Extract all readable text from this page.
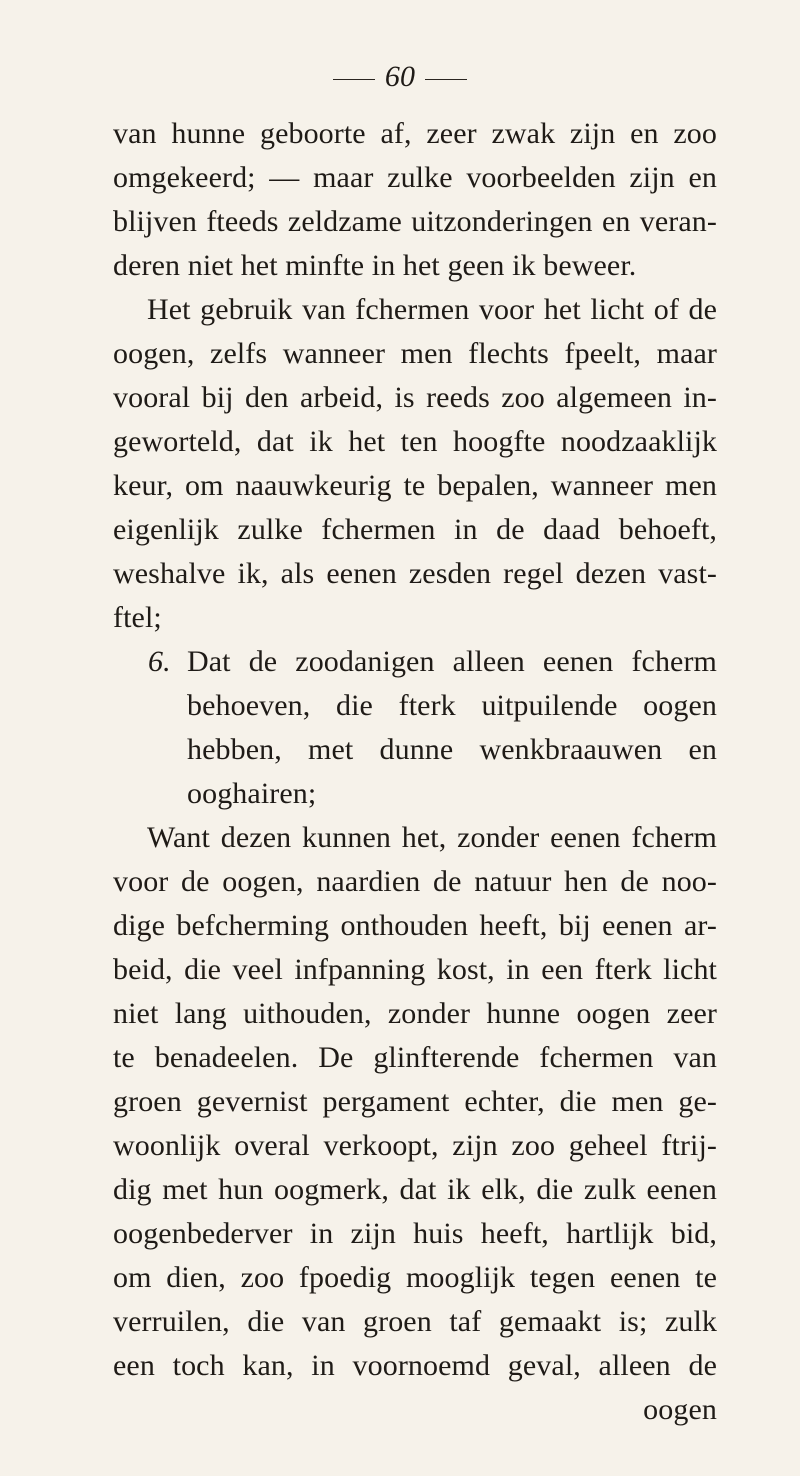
60
van hunne geboorte af, zeer zwak zijn en zoo
omgekeerd; — maar zulke voorbeelden zijn en
blijven fteeds zeldzame uitzonderingen en veran-
deren niet het minfte in het geen ik beweer.
Het gebruik van fchermen voor het licht of de
oogen, zelfs wanneer men flechts fpeelt, maar
vooral bij den arbeid, is reeds zoo algemeen in-
geworteld, dat ik het ten hoogfte noodzaaklijk
keur, om naauwkeurig te bepalen, wanneer men
eigenlijk zulke fchermen in de daad behoeft,
weshalve ik, als eenen zesden regel dezen vast-
ftel;
6. Dat de zoodanigen alleen eenen fcherm
behoeven, die fterk uitpuilende oogen
hebben, met dunne wenkbraauwen en
ooghairen;
Want dezen kunnen het, zonder eenen fcherm
voor de oogen, naardien de natuur hen de noo-
dige befcherming onthouden heeft, bij eenen ar-
beid, die veel infpanning kost, in een fterk licht
niet lang uithouden, zonder hunne oogen zeer
te benadeelen. De glinfterende fchermen van
groen gevernist pergament echter, die men ge-
woonlijk overal verkoopt, zijn zoo geheel ftrij-
dig met hun oogmerk, dat ik elk, die zulk eenen
oogenbederver in zijn huis heeft, hartlijk bid,
om dien, zoo fpoedig mooglijk tegen eenen te
verruilen, die van groen taf gemaakt is; zulk
een toch kan, in voornoemd geval, alleen de
oogen
